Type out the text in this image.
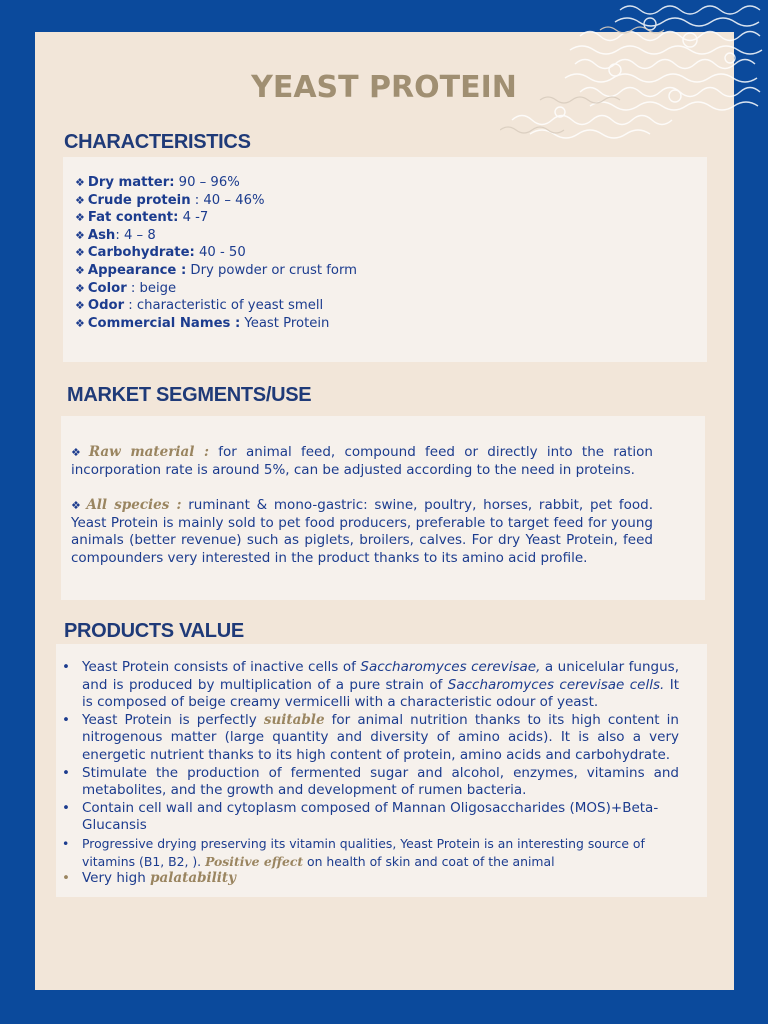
YEAST PROTEIN
CHARACTERISTICS
❖ Dry matter: 90 – 96%
❖ Crude protein : 40 – 46%
❖ Fat content: 4 -7
❖ Ash: 4 – 8
❖ Carbohydrate: 40 - 50
❖ Appearance : Dry powder or crust form
❖ Color : beige
❖ Odor : characteristic of yeast smell
❖ Commercial Names : Yeast Protein
MARKET SEGMENTS/USE

❖ Raw material : for animal feed, compound feed or directly into the ration incorporation rate is around 5%, can be adjusted according to the need in proteins.

❖ All species : ruminant & mono-gastric: swine, poultry, horses, rabbit, pet food. Yeast Protein is mainly sold to pet food producers, preferable to target feed for young animals (better revenue) such as piglets, broilers, calves. For dry Yeast Protein, feed compounders very interested in the product thanks to its amino acid profile.

PRODUCTS VALUE
• Yeast Protein consists of inactive cells of Saccharomyces cerevisae, a unicelular fungus, and is produced by multiplication of a pure strain of Saccharomyces cerevisae cells. It is composed of beige creamy vermicelli with a characteristic odour of yeast.
• Yeast Protein is perfectly suitable for animal nutrition thanks to its high content in nitrogenous matter (large quantity and diversity of amino acids). It is also a very energetic nutrient thanks to its high content of protein, amino acids and carbohydrate.
• Stimulate the production of fermented sugar and alcohol, enzymes, vitamins and metabolites, and the growth and development of rumen bacteria.
• Contain cell wall and cytoplasm composed of Mannan Oligosaccharides (MOS)+Beta-Glucansis
• Progressive drying preserving its vitamin qualities, Yeast Protein is an interesting source of vitamins (B1, B2, ). Positive effect on health of skin and coat of the animal
• Very high palatability
